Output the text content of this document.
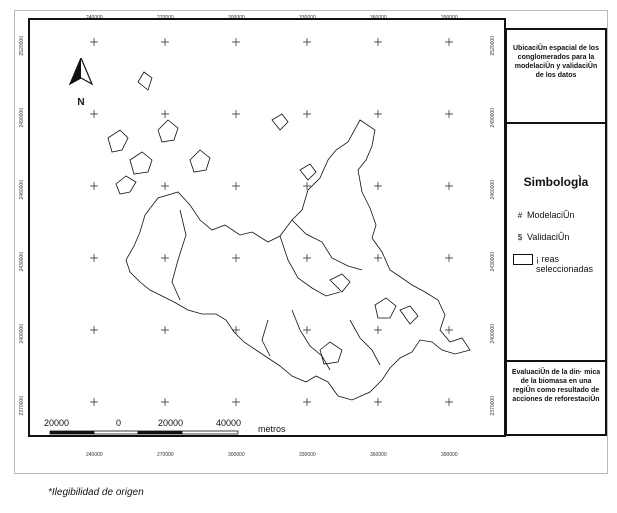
240000	270000	300000	330000	360000	390000
240000	270000	300000	330000	360000	390000
2520000
2490000
2460000
2430000
2400000
2370000
2520000
2490000
2460000
2430000
2400000
2370000
N
20000	0	20000	40000
metros
UbicaciÛn espacial de los conglomerados para la modelaciÛn y validaciÛn de los datos
SimbologÌa
# ModelaciÛn
$ ValidaciÛn
¡ reas seleccionadas
EvaluaciÛn de la din· mica de la biomasa en una regiÛn como resultado de acciones de reforestaciÛn
*Ilegibilidad de origen
